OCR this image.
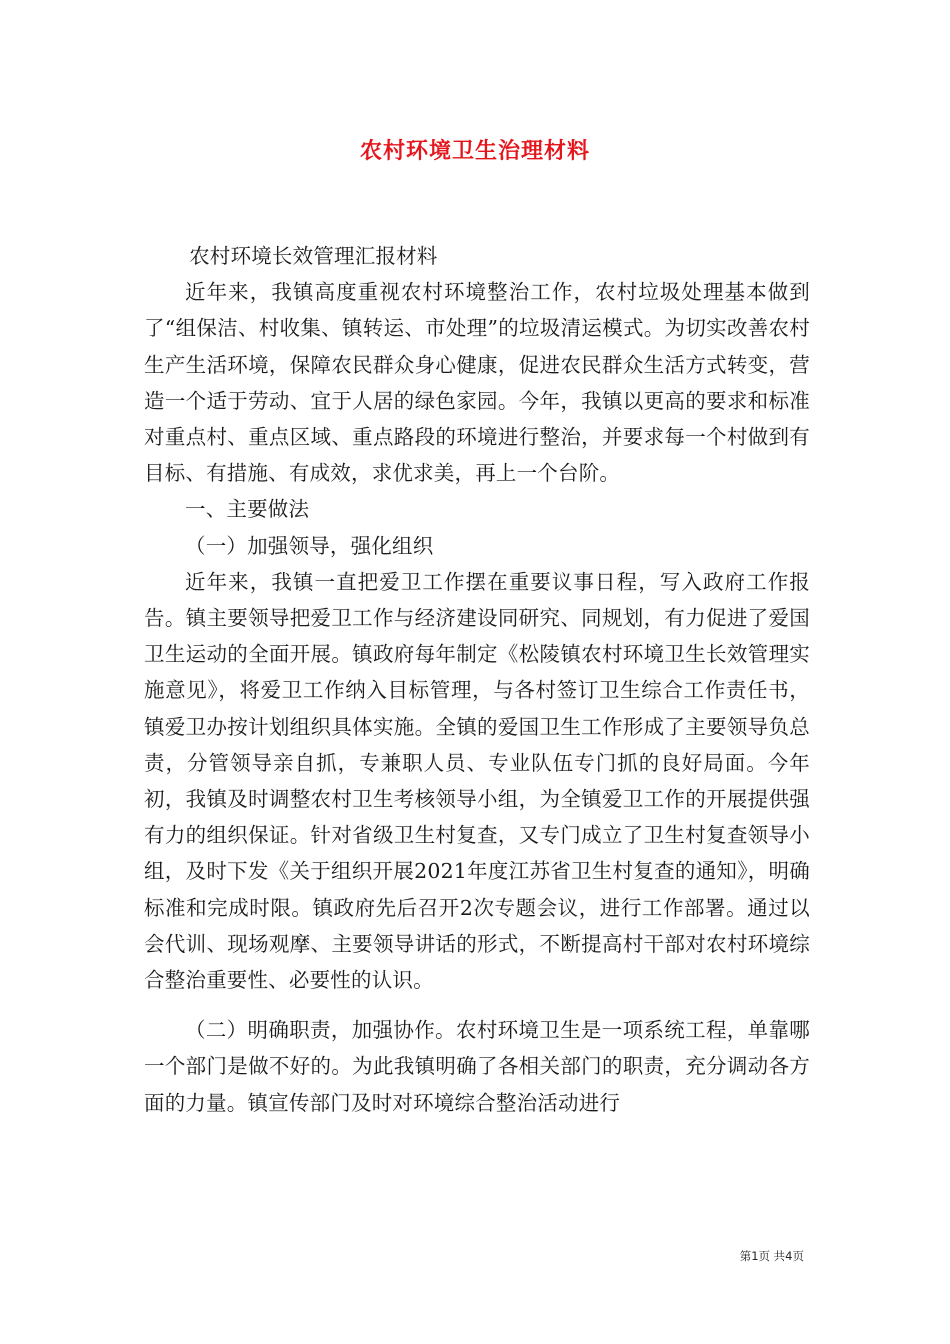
农村环境卫生治理材料

农村环境长效管理汇报材料

近年来，我镇高度重视农村环境整治工作，农村垃圾处理基本做到了“组保洁、村收集、镇转运、市处理”的垃圾清运模式。为切实改善农村生产生活环境，保障农民群众身心健康，促进农民群众生活方式转变，营造一个适于劳动、宜于人居的绿色家园。今年，我镇以更高的要求和标准对重点村、重点区域、重点路段的环境进行整治，并要求每一个村做到有目标、有措施、有成效，求优求美，再上一个台阶。

一、主要做法

（一）加强领导，强化组织

近年来，我镇一直把爱卫工作摆在重要议事日程，写入政府工作报告。镇主要领导把爱卫工作与经济建设同研究、同规划，有力促进了爱国卫生运动的全面开展。镇政府每年制定《松陵镇农村环境卫生长效管理实施意见》，将爱卫工作纳入目标管理，与各村签订卫生综合工作责任书，镇爱卫办按计划组织具体实施。全镇的爱国卫生工作形成了主要领导负总责，分管领导亲自抓，专兼职人员、专业队伍专门抓的良好局面。今年初，我镇及时调整农村卫生考核领导小组，为全镇爱卫工作的开展提供强有力的组织保证。针对省级卫生村复查，又专门成立了卫生村复查领导小组，及时下发《关于组织开展2021年度江苏省卫生村复查的通知》，明确标准和完成时限。镇政府先后召开2次专题会议，进行工作部署。通过以会代训、现场观摩、主要领导讲话的形式，不断提高村干部对农村环境综合整治重要性、必要性的认识。

（二）明确职责，加强协作。农村环境卫生是一项系统工程，单靠哪一个部门是做不好的。为此我镇明确了各相关部门的职责，充分调动各方面的力量。镇宣传部门及时对环境综合整治活动进行

第1页 共4页
